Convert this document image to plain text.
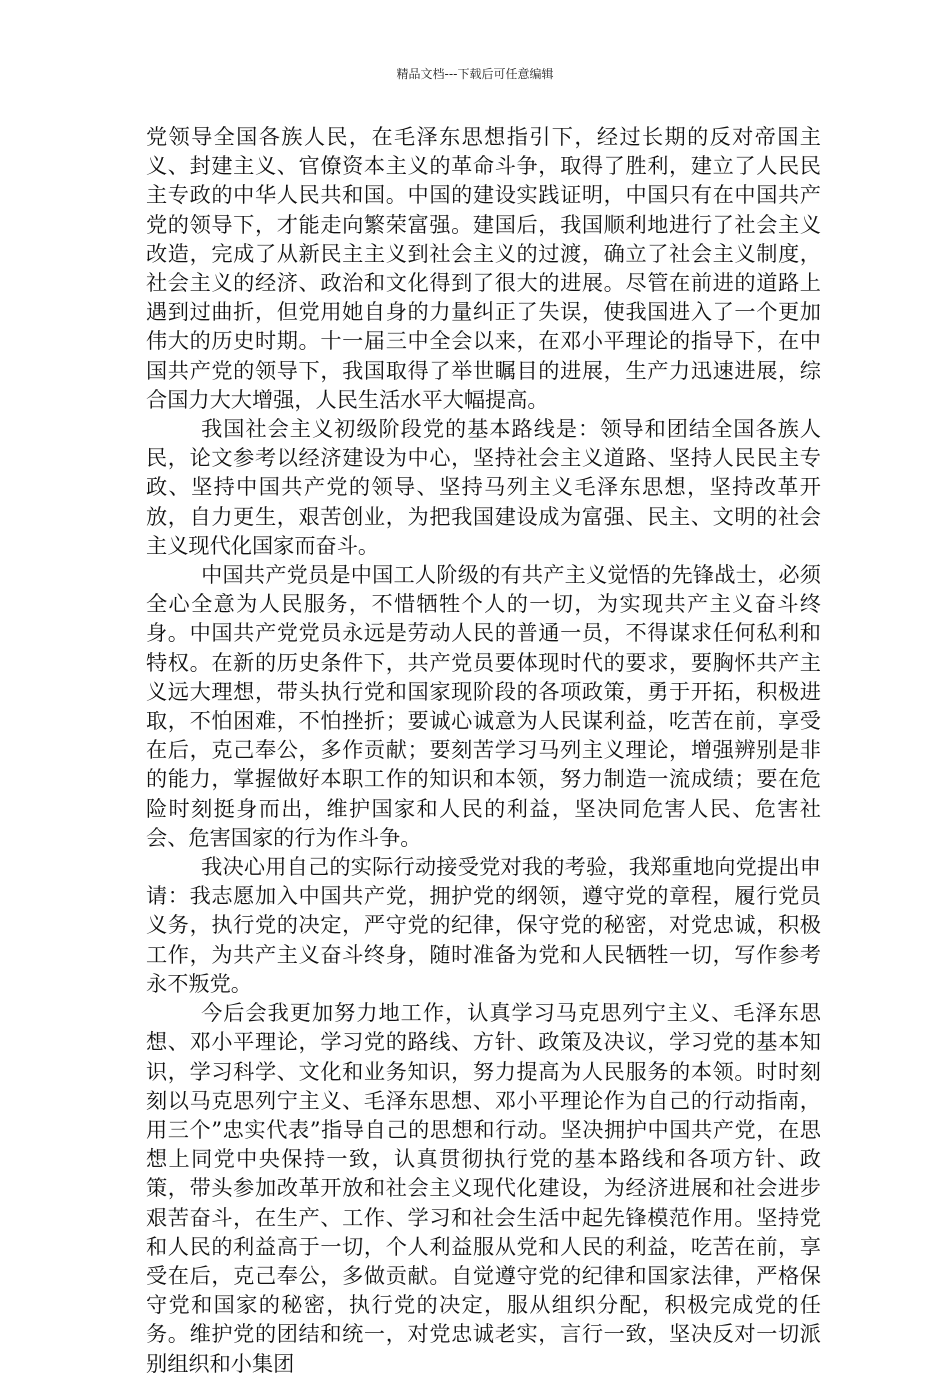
精品文档---下载后可任意编辑

党领导全国各族人民，在毛泽东思想指引下，经过长期的反对帝国主义、封建主义、官僚资本主义的革命斗争，取得了胜利，建立了人民民主专政的中华人民共和国。中国的建设实践证明，中国只有在中国共产党的领导下，才能走向繁荣富强。建国后，我国顺利地进行了社会主义改造，完成了从新民主主义到社会主义的过渡，确立了社会主义制度，社会主义的经济、政治和文化得到了很大的进展。尽管在前进的道路上遇到过曲折，但党用她自身的力量纠正了失误，使我国进入了一个更加伟大的历史时期。十一届三中全会以来，在邓小平理论的指导下，在中国共产党的领导下，我国取得了举世瞩目的进展，生产力迅速进展，综合国力大大增强，人民生活水平大幅提高。

我国社会主义初级阶段党的基本路线是：领导和团结全国各族人民，论文参考以经济建设为中心，坚持社会主义道路、坚持人民民主专政、坚持中国共产党的领导、坚持马列主义毛泽东思想，坚持改革开放，自力更生，艰苦创业，为把我国建设成为富强、民主、文明的社会主义现代化国家而奋斗。

中国共产党员是中国工人阶级的有共产主义觉悟的先锋战士，必须全心全意为人民服务，不惜牺牲个人的一切，为实现共产主义奋斗终身。中国共产党党员永远是劳动人民的普通一员，不得谋求任何私利和特权。在新的历史条件下，共产党员要体现时代的要求，要胸怀共产主义远大理想，带头执行党和国家现阶段的各项政策，勇于开拓，积极进取，不怕困难，不怕挫折；要诚心诚意为人民谋利益，吃苦在前，享受在后，克己奉公，多作贡献；要刻苦学习马列主义理论，增强辨别是非的能力，掌握做好本职工作的知识和本领，努力制造一流成绩；要在危险时刻挺身而出，维护国家和人民的利益，坚决同危害人民、危害社会、危害国家的行为作斗争。

我决心用自己的实际行动接受党对我的考验，我郑重地向党提出申请：我志愿加入中国共产党，拥护党的纲领，遵守党的章程，履行党员义务，执行党的决定，严守党的纪律，保守党的秘密，对党忠诚，积极工作，为共产主义奋斗终身，随时准备为党和人民牺牲一切，写作参考永不叛党。

今后会我更加努力地工作，认真学习马克思列宁主义、毛泽东思想、邓小平理论，学习党的路线、方针、政策及决议，学习党的基本知识，学习科学、文化和业务知识，努力提高为人民服务的本领。时时刻刻以马克思列宁主义、毛泽东思想、邓小平理论作为自己的行动指南，用三个”忠实代表”指导自己的思想和行动。坚决拥护中国共产党，在思想上同党中央保持一致，认真贯彻执行党的基本路线和各项方针、政策，带头参加改革开放和社会主义现代化建设，为经济进展和社会进步艰苦奋斗，在生产、工作、学习和社会生活中起先锋模范作用。坚持党和人民的利益高于一切，个人利益服从党和人民的利益，吃苦在前，享受在后，克己奉公，多做贡献。自觉遵守党的纪律和国家法律，严格保守党和国家的秘密，执行党的决定，服从组织分配，积极完成党的任务。维护党的团结和统一，对党忠诚老实，言行一致，坚决反对一切派别组织和小集团
